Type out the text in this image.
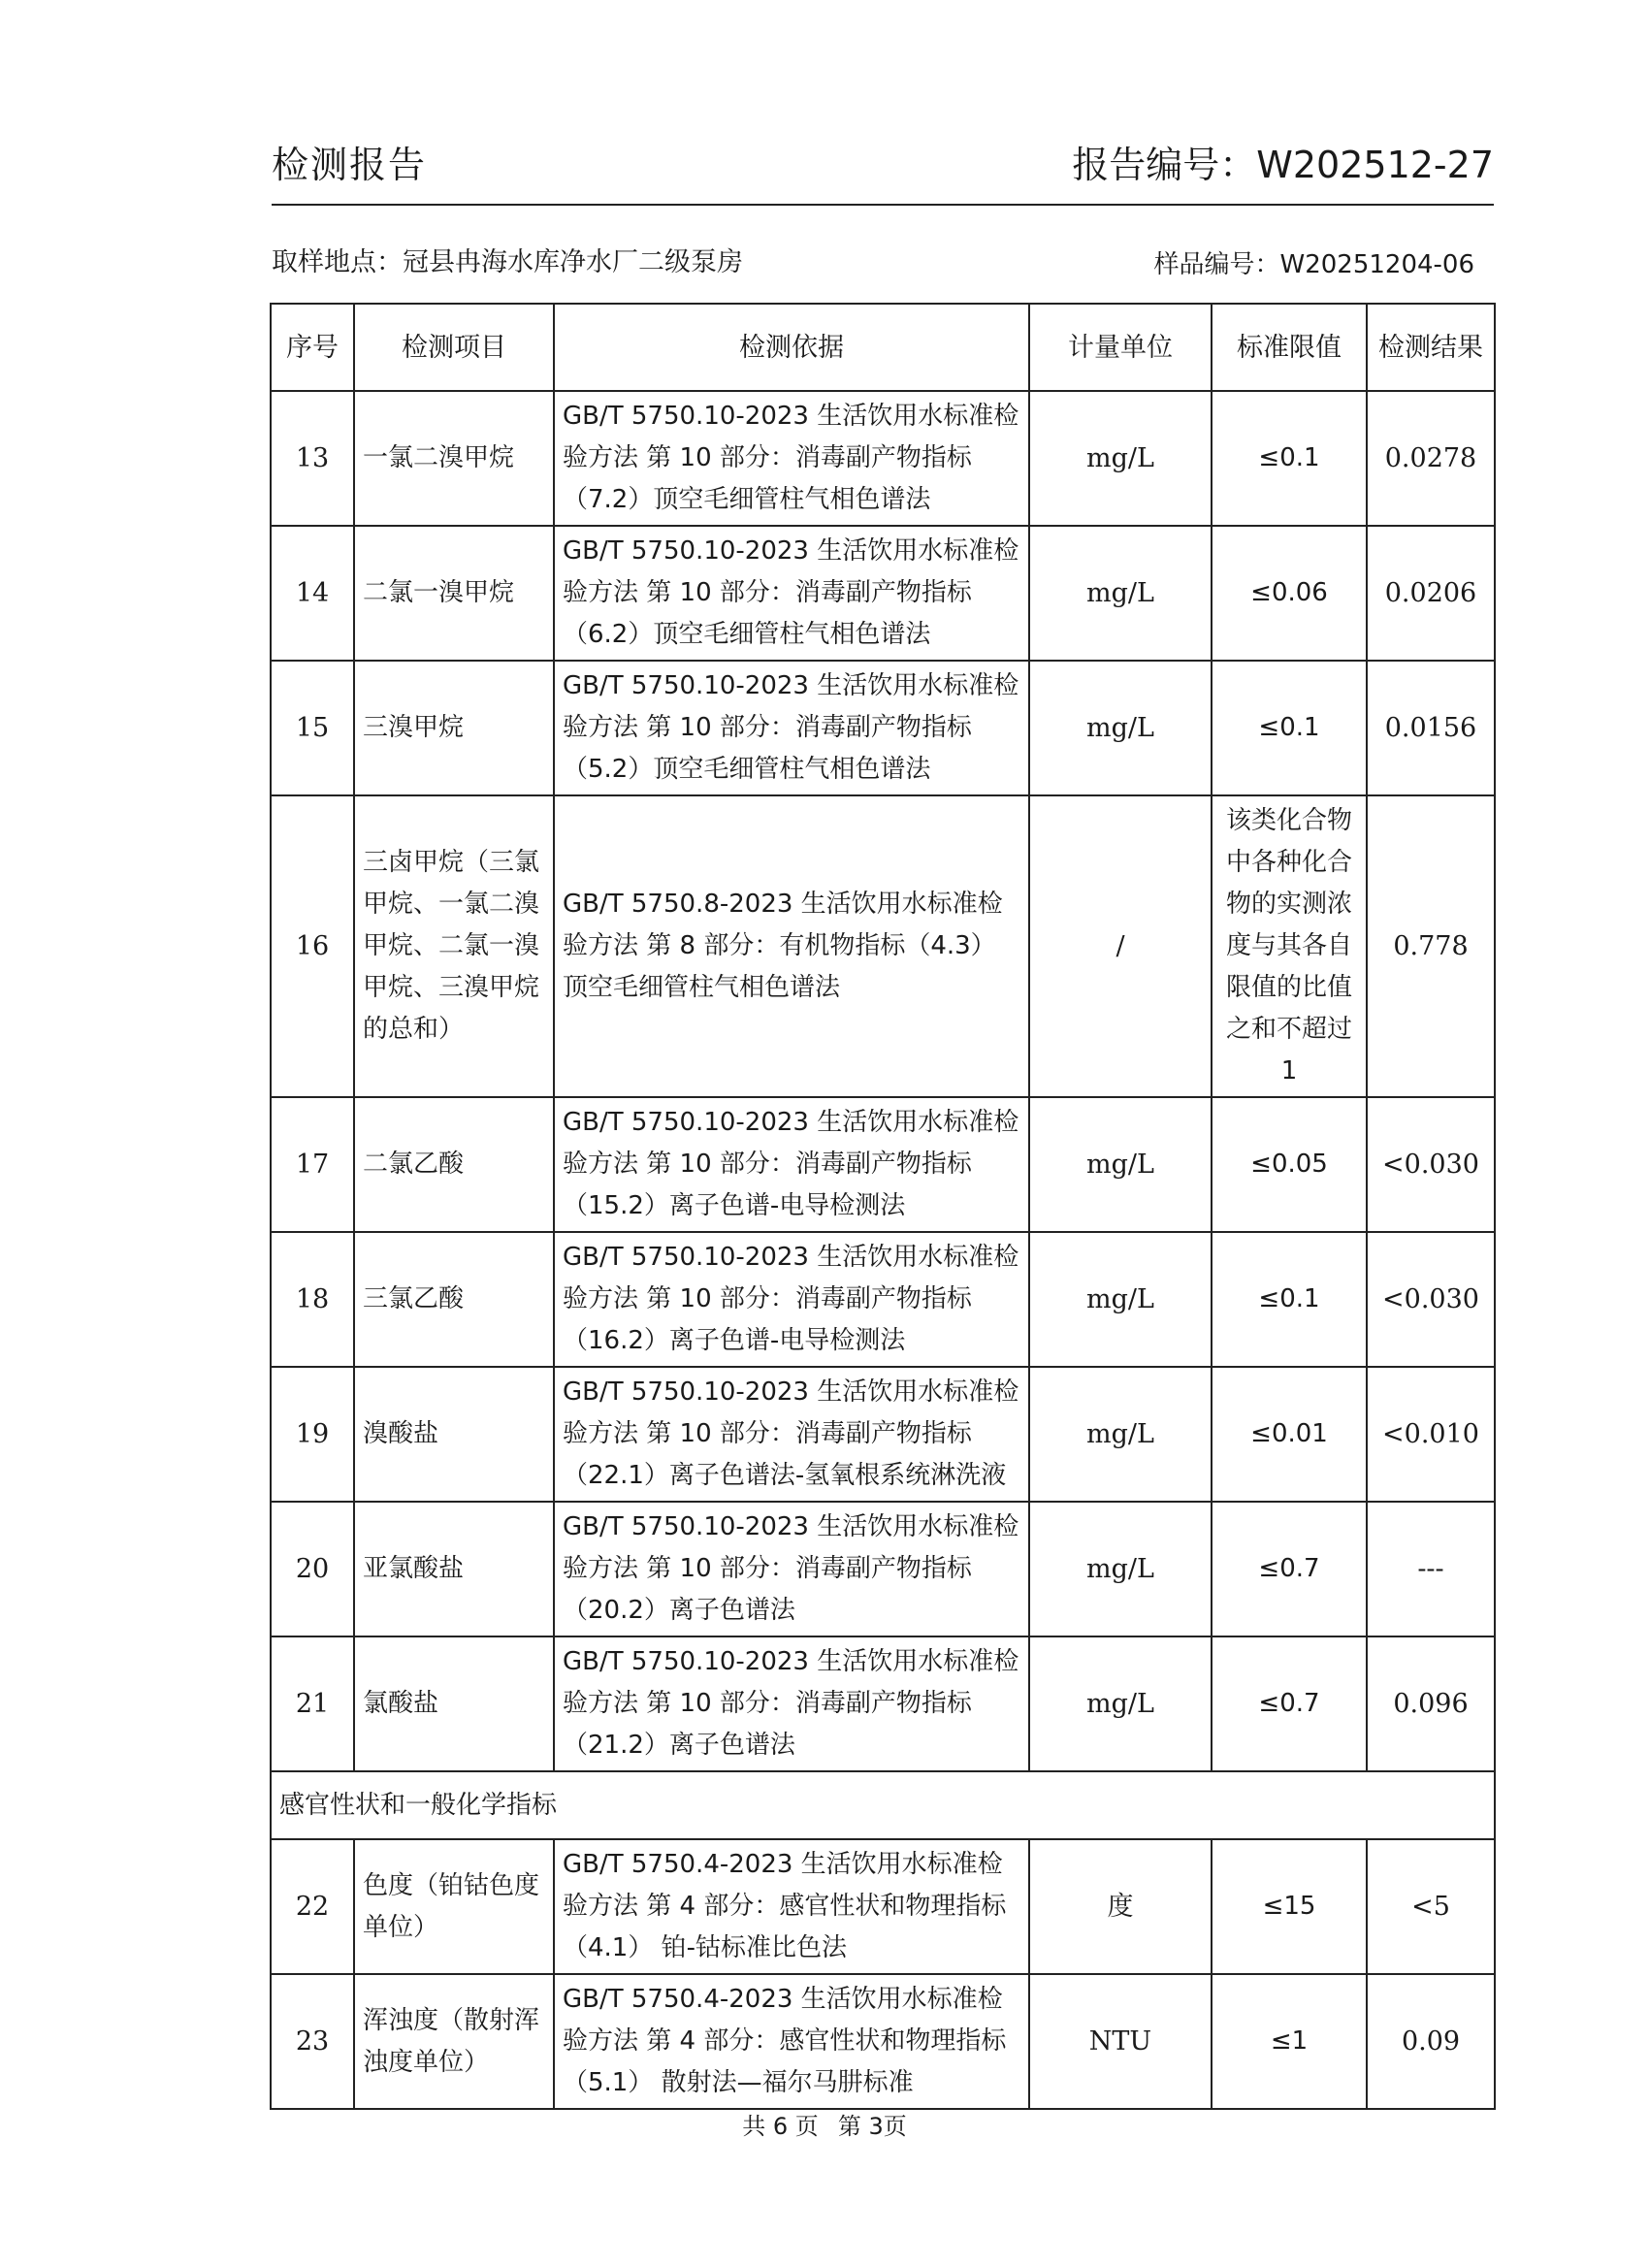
检测报告	报告编号：W202512-27
取样地点：冠县冉海水库净水厂二级泵房	样品编号：W20251204-06
序号	检测项目	检测依据	计量单位	标准限值	检测结果
13	一氯二溴甲烷	GB/T 5750.10-2023 生活饮用水标准检验方法 第 10 部分：消毒副产物指标（7.2）顶空毛细管柱气相色谱法	mg/L	≤0.1	0.0278
14	二氯一溴甲烷	GB/T 5750.10-2023 生活饮用水标准检验方法 第 10 部分：消毒副产物指标（6.2）顶空毛细管柱气相色谱法	mg/L	≤0.06	0.0206
15	三溴甲烷	GB/T 5750.10-2023 生活饮用水标准检验方法 第 10 部分：消毒副产物指标（5.2）顶空毛细管柱气相色谱法	mg/L	≤0.1	0.0156
16	三卤甲烷（三氯甲烷、一氯二溴甲烷、二氯一溴甲烷、三溴甲烷的总和）	GB/T 5750.8-2023 生活饮用水标准检验方法 第 8 部分：有机物指标（4.3）顶空毛细管柱气相色谱法	/	该类化合物中各种化合物的实测浓度与其各自限值的比值之和不超过1	0.778
17	二氯乙酸	GB/T 5750.10-2023 生活饮用水标准检验方法 第 10 部分：消毒副产物指标（15.2）离子色谱-电导检测法	mg/L	≤0.05	<0.030
18	三氯乙酸	GB/T 5750.10-2023 生活饮用水标准检验方法 第 10 部分：消毒副产物指标（16.2）离子色谱-电导检测法	mg/L	≤0.1	<0.030
19	溴酸盐	GB/T 5750.10-2023 生活饮用水标准检验方法 第 10 部分：消毒副产物指标（22.1）离子色谱法-氢氧根系统淋洗液	mg/L	≤0.01	<0.010
20	亚氯酸盐	GB/T 5750.10-2023 生活饮用水标准检验方法 第 10 部分：消毒副产物指标（20.2）离子色谱法	mg/L	≤0.7	---
21	氯酸盐	GB/T 5750.10-2023 生活饮用水标准检验方法 第 10 部分：消毒副产物指标（21.2）离子色谱法	mg/L	≤0.7	0.096
感官性状和一般化学指标					
22	色度（铂钴色度单位）	GB/T 5750.4-2023 生活饮用水标准检验方法 第 4 部分：感官性状和物理指标（4.1） 铂-钴标准比色法	度	≤15	<5
23	浑浊度（散射浑浊度单位）	GB/T 5750.4-2023 生活饮用水标准检验方法 第 4 部分：感官性状和物理指标（5.1） 散射法—福尔马肼标准	NTU	≤1	0.09
共 6 页 第 3页
